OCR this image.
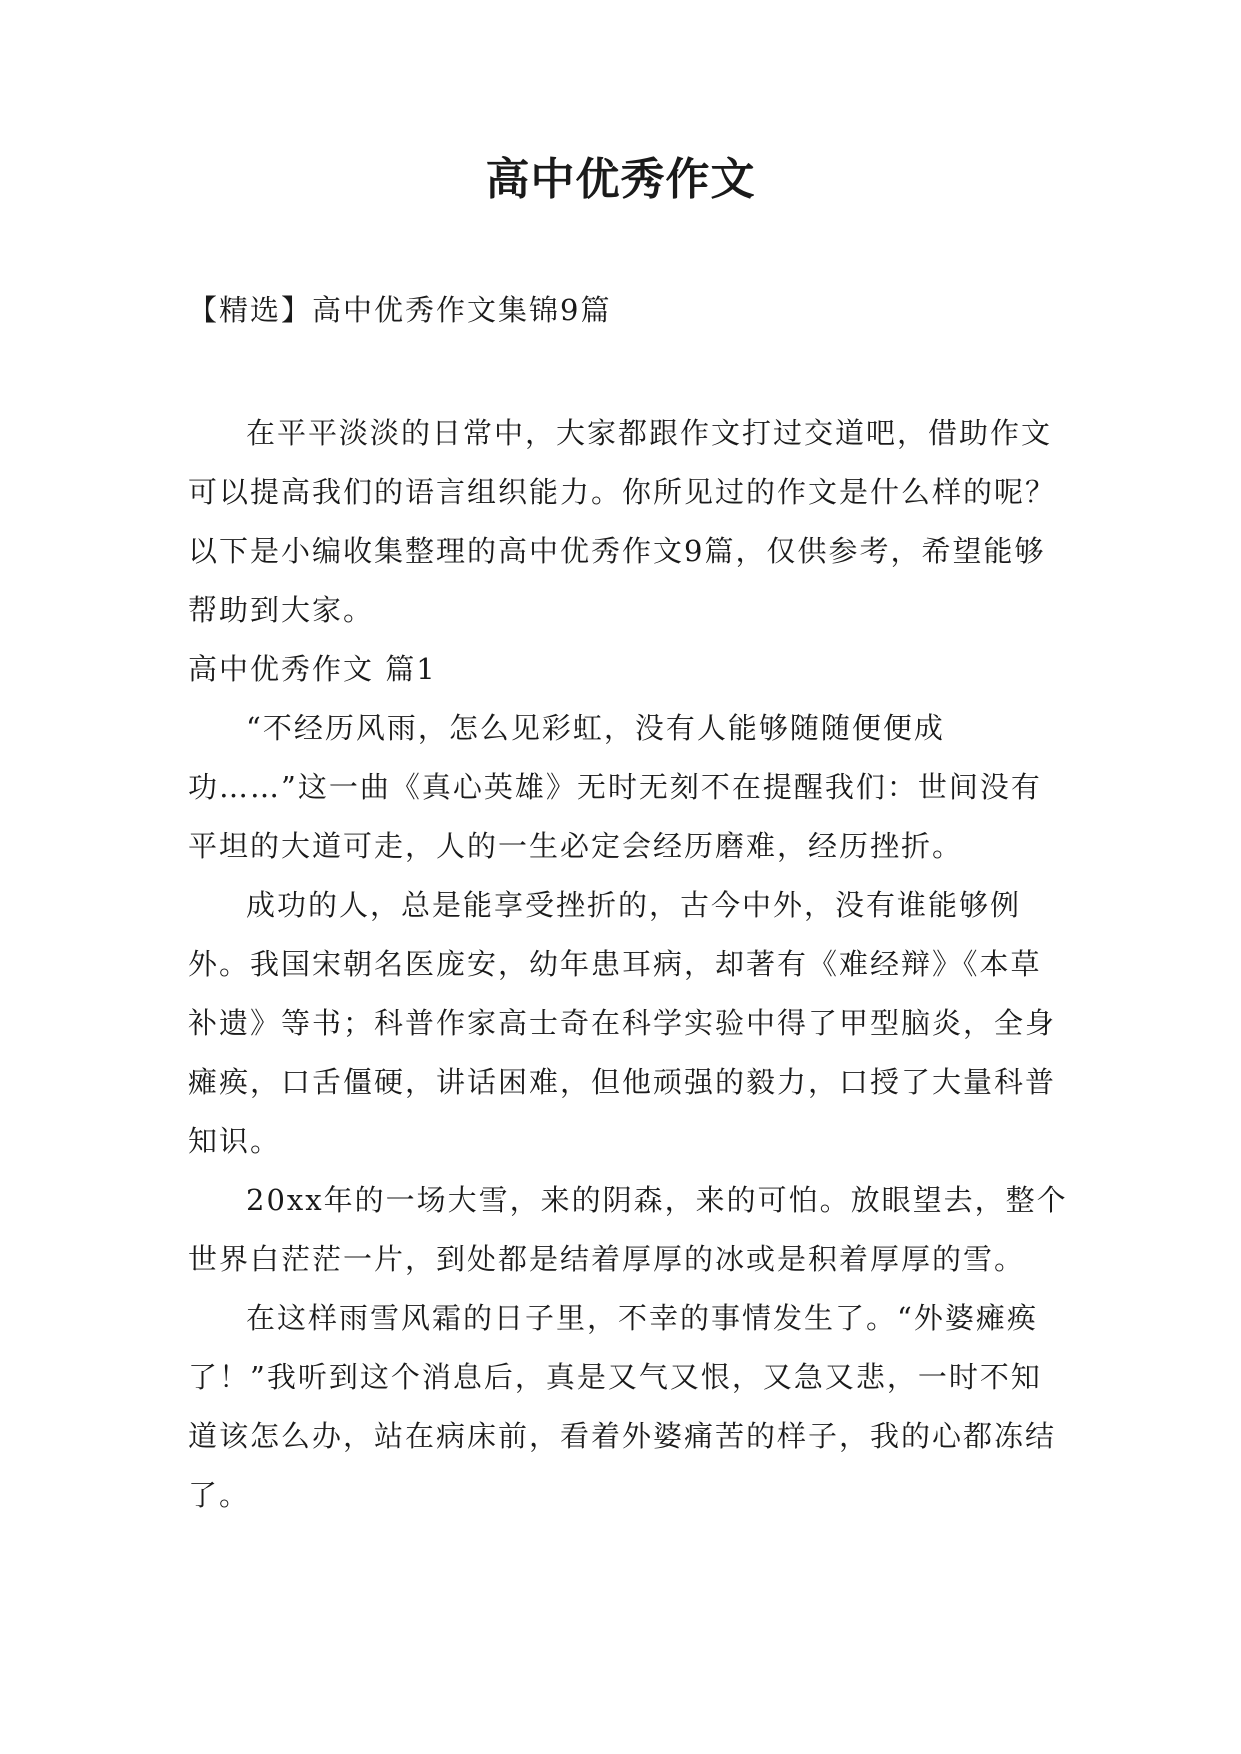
高中优秀作文

【精选】高中优秀作文集锦9篇

在平平淡淡的日常中，大家都跟作文打过交道吧，借助作文可以提高我们的语言组织能力。你所见过的作文是什么样的呢？以下是小编收集整理的高中优秀作文9篇，仅供参考，希望能够帮助到大家。

高中优秀作文 篇1

“不经历风雨，怎么见彩虹，没有人能够随随便便成功……”这一曲《真心英雄》无时无刻不在提醒我们：世间没有平坦的大道可走，人的一生必定会经历磨难，经历挫折。

成功的人，总是能享受挫折的，古今中外，没有谁能够例外。我国宋朝名医庞安，幼年患耳病，却著有《难经辩》《本草补遗》等书；科普作家高士奇在科学实验中得了甲型脑炎，全身瘫痪，口舌僵硬，讲话困难，但他顽强的毅力，口授了大量科普知识。

20xx年的一场大雪，来的阴森，来的可怕。放眼望去，整个世界白茫茫一片，到处都是结着厚厚的冰或是积着厚厚的雪。

在这样雨雪风霜的日子里，不幸的事情发生了。“外婆瘫痪了！”我听到这个消息后，真是又气又恨，又急又悲，一时不知道该怎么办，站在病床前，看着外婆痛苦的样子，我的心都冻结了。
